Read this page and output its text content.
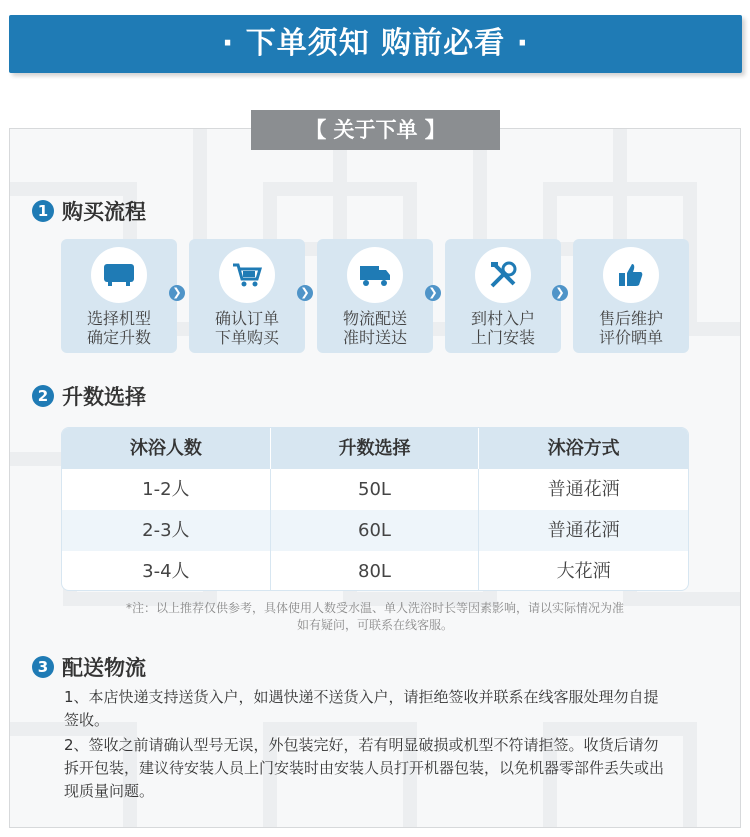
· 下单须知 购前必看 ·
【 关于下单 】
1 购买流程
选择机型
确定升数
❯
确认订单
下单购买
❯
物流配送
准时送达
❯
到村入户
上门安装
❯
售后维护
评价晒单
2 升数选择
沐浴人数	升数选择	沐浴方式
1-2人	50L	普通花洒
2-3人	60L	普通花洒
3-4人	80L	大花洒
*注：以上推荐仅供参考，具体使用人数受水温、单人洗浴时长等因素影响，请以实际情况为准
如有疑问，可联系在线客服。
3 配送物流
1、本店快递支持送货入户，如遇快递不送货入户，请拒绝签收并联系在线客服处理勿自提签收。
2、签收之前请确认型号无误，外包装完好，若有明显破损或机型不符请拒签。收货后请勿拆开包装，建议待安装人员上门安装时由安装人员打开机器包装，以免机器零部件丢失或出现质量问题。
